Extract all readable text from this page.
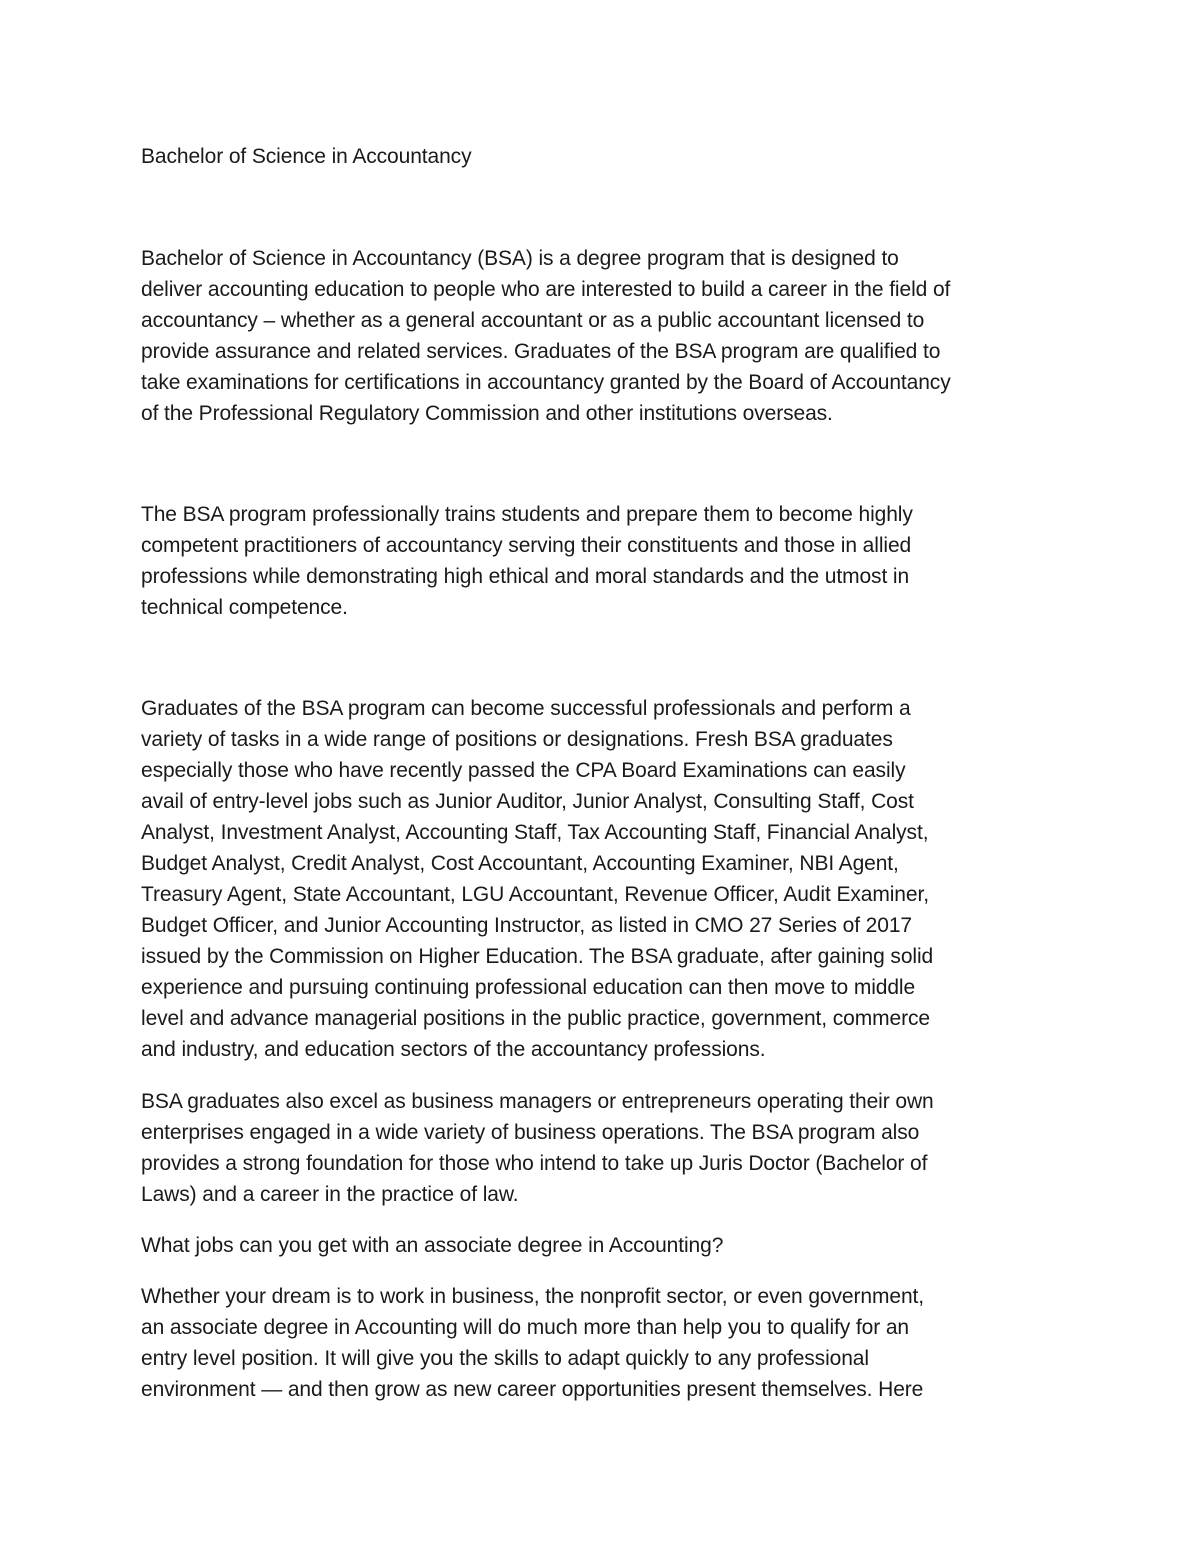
Bachelor of Science in Accountancy

Bachelor of Science in Accountancy (BSA) is a degree program that is designed to
deliver accounting education to people who are interested to build a career in the field of
accountancy – whether as a general accountant or as a public accountant licensed to
provide assurance and related services. Graduates of the BSA program are qualified to
take examinations for certifications in accountancy granted by the Board of Accountancy
of the Professional Regulatory Commission and other institutions overseas.

The BSA program professionally trains students and prepare them to become highly
competent practitioners of accountancy serving their constituents and those in allied
professions while demonstrating high ethical and moral standards and the utmost in
technical competence.

Graduates of the BSA program can become successful professionals and perform a
variety of tasks in a wide range of positions or designations. Fresh BSA graduates
especially those who have recently passed the CPA Board Examinations can easily
avail of entry-level jobs such as Junior Auditor, Junior Analyst, Consulting Staff, Cost
Analyst, Investment Analyst, Accounting Staff, Tax Accounting Staff, Financial Analyst,
Budget Analyst, Credit Analyst, Cost Accountant, Accounting Examiner, NBI Agent,
Treasury Agent, State Accountant, LGU Accountant, Revenue Officer, Audit Examiner,
Budget Officer, and Junior Accounting Instructor, as listed in CMO 27 Series of 2017
issued by the Commission on Higher Education. The BSA graduate, after gaining solid
experience and pursuing continuing professional education can then move to middle
level and advance managerial positions in the public practice, government, commerce
and industry, and education sectors of the accountancy professions.

BSA graduates also excel as business managers or entrepreneurs operating their own
enterprises engaged in a wide variety of business operations. The BSA program also
provides a strong foundation for those who intend to take up Juris Doctor (Bachelor of
Laws) and a career in the practice of law.

What jobs can you get with an associate degree in Accounting?

Whether your dream is to work in business, the nonprofit sector, or even government,
an associate degree in Accounting will do much more than help you to qualify for an
entry level position. It will give you the skills to adapt quickly to any professional
environment — and then grow as new career opportunities present themselves. Here
